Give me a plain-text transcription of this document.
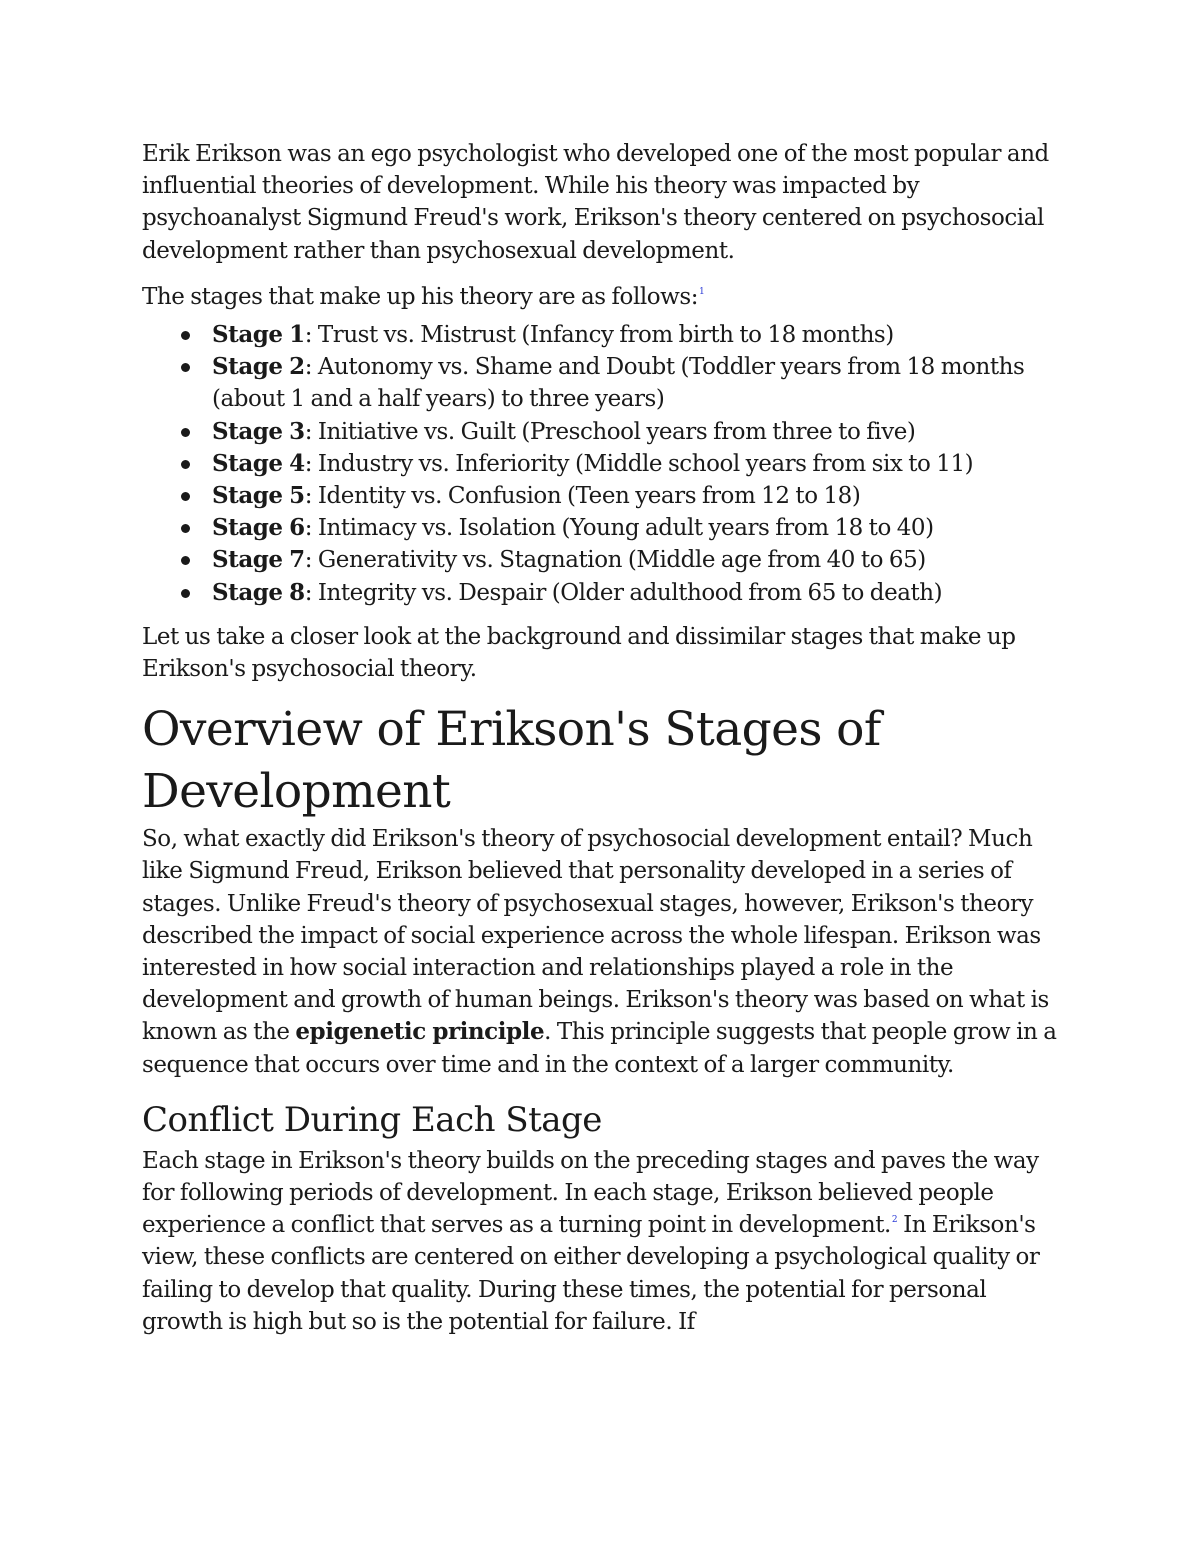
Erik Erikson was an ego psychologist who developed one of the most popular and influential theories of development. While his theory was impacted by psychoanalyst Sigmund Freud's work, Erikson's theory centered on psychosocial development rather than psychosexual development.

The stages that make up his theory are as follows:$^1$

Stage 1: Trust vs. Mistrust (Infancy from birth to 18 months)
Stage 2: Autonomy vs. Shame and Doubt (Toddler years from 18 months (about 1 and a half years) to three years)
Stage 3: Initiative vs. Guilt (Preschool years from three to five)
Stage 4: Industry vs. Inferiority (Middle school years from six to 11)
Stage 5: Identity vs. Confusion (Teen years from 12 to 18)
Stage 6: Intimacy vs. Isolation (Young adult years from 18 to 40)
Stage 7: Generativity vs. Stagnation (Middle age from 40 to 65)
Stage 8: Integrity vs. Despair (Older adulthood from 65 to death)

Let us take a closer look at the background and dissimilar stages that make up Erikson's psychosocial theory.

Overview of Erikson's Stages of Development

So, what exactly did Erikson's theory of psychosocial development entail? Much like Sigmund Freud, Erikson believed that personality developed in a series of stages. Unlike Freud's theory of psychosexual stages, however, Erikson's theory described the impact of social experience across the whole lifespan. Erikson was interested in how social interaction and relationships played a role in the development and growth of human beings. Erikson's theory was based on what is known as the epigenetic principle. This principle suggests that people grow in a sequence that occurs over time and in the context of a larger community.

Conflict During Each Stage

Each stage in Erikson's theory builds on the preceding stages and paves the way for following periods of development. In each stage, Erikson believed people experience a conflict that serves as a turning point in development.$^2$ In Erikson's view, these conflicts are centered on either developing a psychological quality or failing to develop that quality. During these times, the potential for personal growth is high but so is the potential for failure. If
